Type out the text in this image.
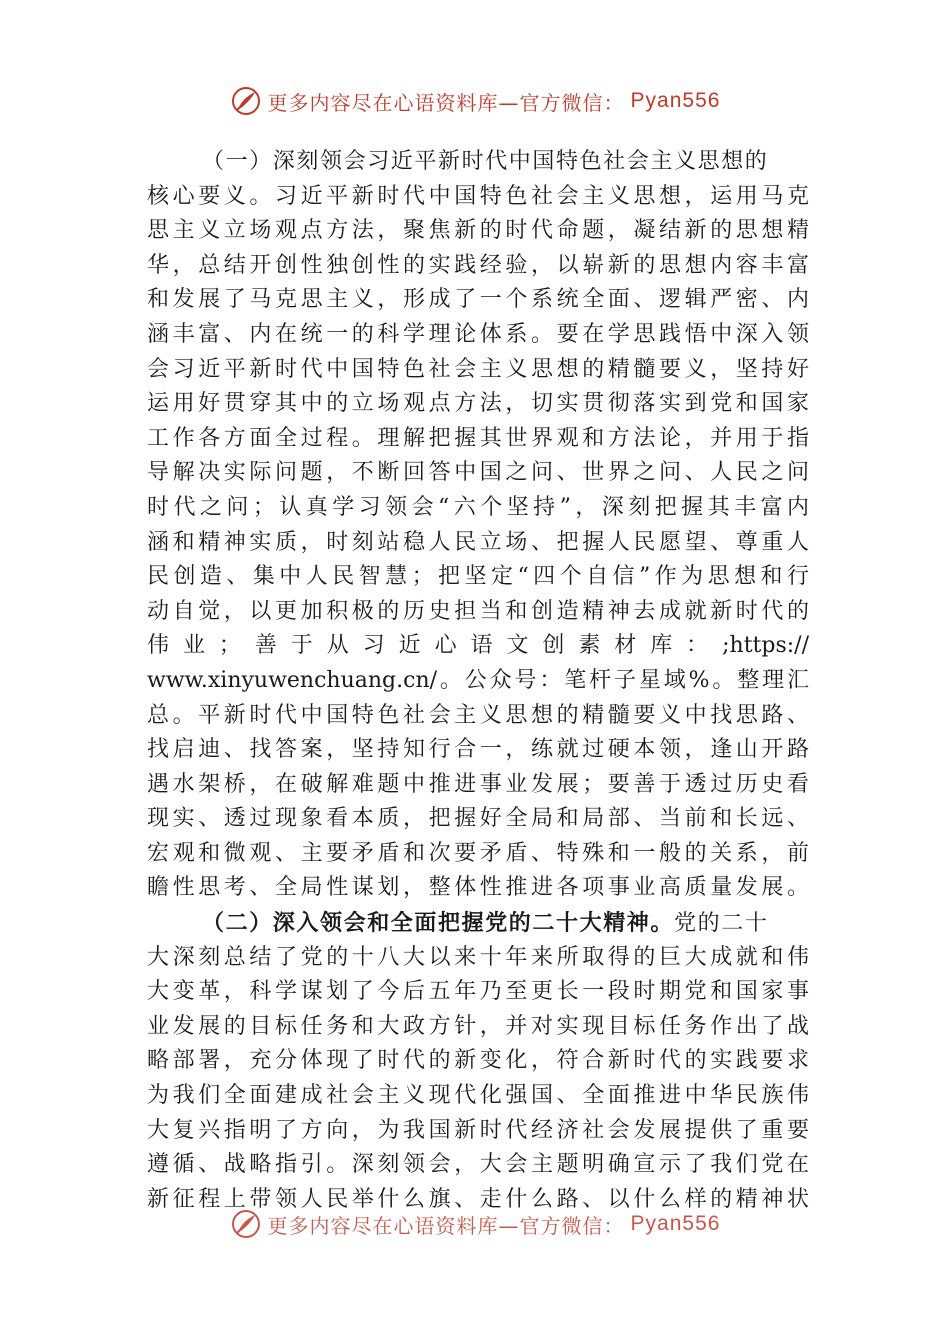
更多内容尽在心语资料库—官方微信： Pyan556
（一）深刻领会习近平新时代中国特色社会主义思想的
核心要义。习近平新时代中国特色社会主义思想，运用马克
思主义立场观点方法，聚焦新的时代命题，凝结新的思想精
华，总结开创性独创性的实践经验，以崭新的思想内容丰富
和发展了马克思主义，形成了一个系统全面、逻辑严密、内
涵丰富、内在统一的科学理论体系。要在学思践悟中深入领
会习近平新时代中国特色社会主义思想的精髓要义，坚持好
运用好贯穿其中的立场观点方法，切实贯彻落实到党和国家
工作各方面全过程。理解把握其世界观和方法论，并用于指
导解决实际问题，不断回答中国之问、世界之问、人民之问
时代之问；认真学习领会“六个坚持”，深刻把握其丰富内
涵和精神实质，时刻站稳人民立场、把握人民愿望、尊重人
民创造、集中人民智慧；把坚定“四个自信”作为思想和行
动自觉，以更加积极的历史担当和创造精神去成就新时代的
伟业；善于从习近心语文创素材库：;https://
www.xinyuwenchuang.cn/。公众号：笔杆子星域%。整理汇
总。平新时代中国特色社会主义思想的精髓要义中找思路、
找启迪、找答案，坚持知行合一，练就过硬本领，逢山开路
遇水架桥，在破解难题中推进事业发展；要善于透过历史看
现实、透过现象看本质，把握好全局和局部、当前和长远、
宏观和微观、主要矛盾和次要矛盾、特殊和一般的关系，前
瞻性思考、全局性谋划，整体性推进各项事业高质量发展。
（二）深入领会和全面把握党的二十大精神。党的二十
大深刻总结了党的十八大以来十年来所取得的巨大成就和伟
大变革，科学谋划了今后五年乃至更长一段时期党和国家事
业发展的目标任务和大政方针，并对实现目标任务作出了战
略部署，充分体现了时代的新变化，符合新时代的实践要求
为我们全面建成社会主义现代化强国、全面推进中华民族伟
大复兴指明了方向，为我国新时代经济社会发展提供了重要
遵循、战略指引。深刻领会，大会主题明确宣示了我们党在
新征程上带领人民举什么旗、走什么路、以什么样的精神状
更多内容尽在心语资料库—官方微信： Pyan556
